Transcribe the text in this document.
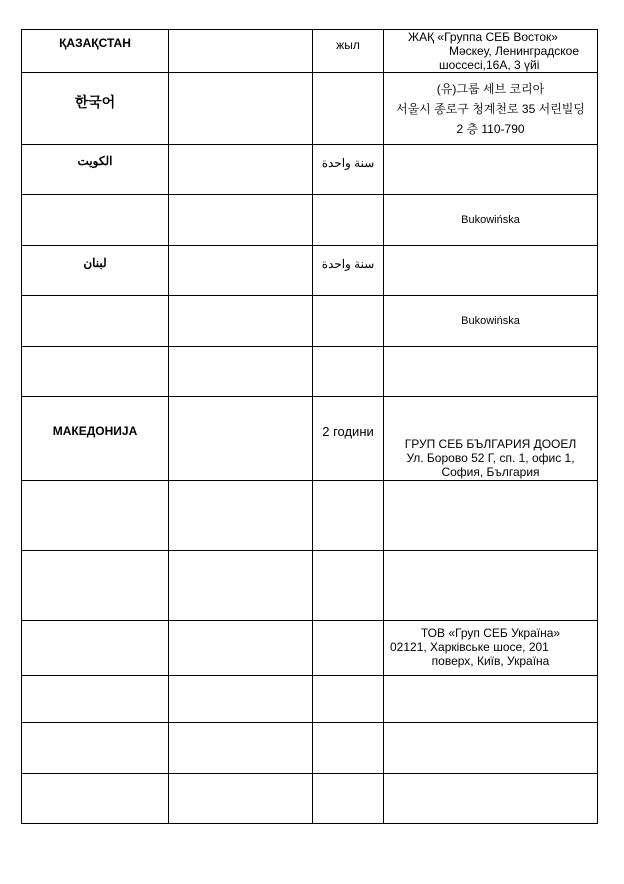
ҚАЗАҚСТАН		жыл	ЖАҚ «Группа СЕБ Восток»
Мәскеу, Ленинградское
шоссесі,16А, 3 үйі

한국어			(유)그룹 세브 코리아
서울시 종로구 청계천로 35 서린빌딩
2 층 110-790

الكويت		سنة واحدة	

			Bukowińska

لبنان		سنة واحدة	

			Bukowińska

МАКЕДОНИЈА		2 години	ГРУП СЕБ БЪЛГАРИЯ ДООЕЛ
Ул. Борово 52 Г, сп. 1, офис 1,
София, България

			ТОВ «Груп СЕБ Україна»
02121, Харківське шосе, 201
поверх, Київ, Україна
